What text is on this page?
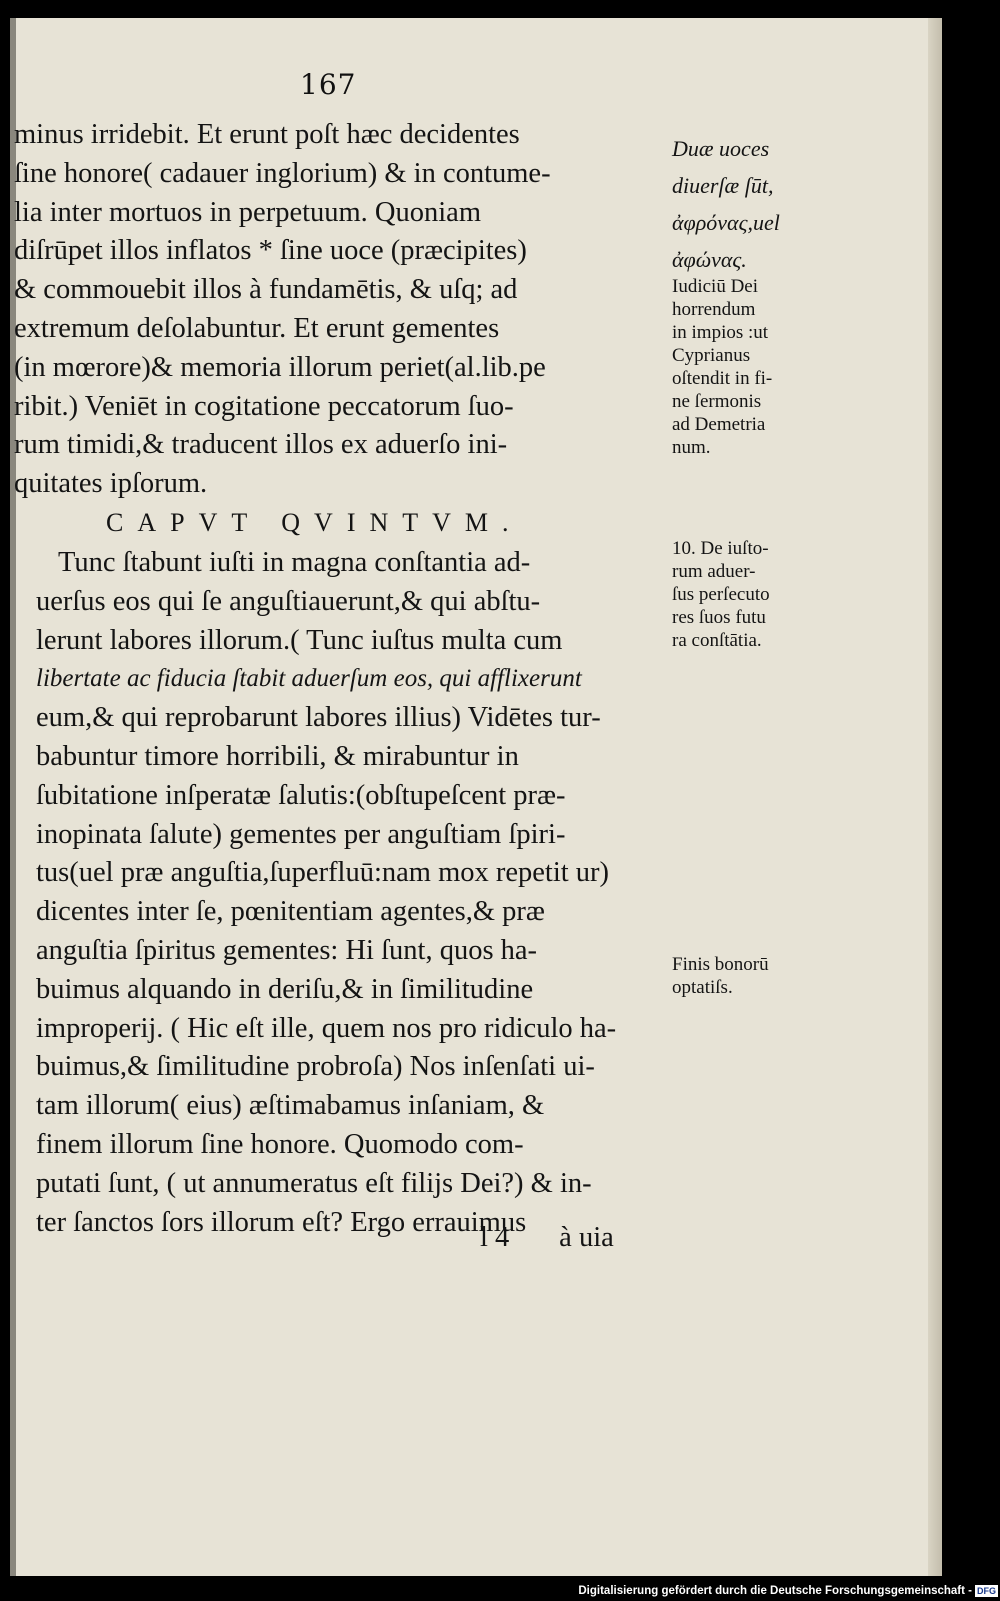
167
minus irridebit. Et erunt poſt hæc decidentes
ſine honore( cadauer inglorium) & in contume-
lia inter mortuos in perpetuum. Quoniam
diſrūpet illos inflatos * ſine uoce (præcipites)
& commouebit illos à fundamētis, & uſq; ad
extremum deſolabuntur. Et erunt gementes
(in mœrore)& memoria illorum periet(al.lib.pe
ribit.) Veniēt in cogitatione peccatorum ſuo-
rum timidi,& traducent illos ex aduerſo ini-
quitates ipſorum.
CAPVT QVINTVM.
Tunc ſtabunt iuſti in magna conſtantia ad-
uerſus eos qui ſe anguſtiauerunt,& qui abſtu-
lerunt labores illorum.( Tunc iuſtus multa cum
libertate ac fiducia ſtabit aduerſum eos, qui afflixerunt
eum,& qui reprobarunt labores illius) Vidētes tur-
babuntur timore horribili, & mirabuntur in
ſubitatione inſperatæ ſalutis:(obſtupeſcent præ-
inopinata ſalute) gementes per anguſtiam ſpiri-
tus(uel præ anguſtia,ſuperfluū:nam mox repetit ur)
dicentes inter ſe, pœnitentiam agentes,& præ
anguſtia ſpiritus gementes: Hi ſunt, quos ha-
buimus alquando in deriſu,& in ſimilitudine
improperij. ( Hic eſt ille, quem nos pro ridiculo ha-
buimus,& ſimilitudine probroſa) Nos inſenſati ui-
tam illorum( eius) æſtimabamus inſaniam, &
finem illorum ſine honore. Quomodo com-
putati ſunt, ( ut annumeratus eſt filijs Dei?) & in-
ter ſanctos ſors illorum eſt? Ergo errauimus
l 4       à uia
Duæ uoces
diuerſæ ſūt,
ἀφρόνας,uel
ἀφώνας.
Iudiciū Dei
horrendum
in impios :ut
Cyprianus
oſtendit in fi-
ne ſermonis
ad Demetria
num.
10. De iuſto-
rum aduer-
ſus perſecuto
res ſuos futu
ra conſtātia.
Finis bonorū
optatiſs.
Digitalisierung gefördert durch die Deutsche Forschungsgemeinschaft - DFG
